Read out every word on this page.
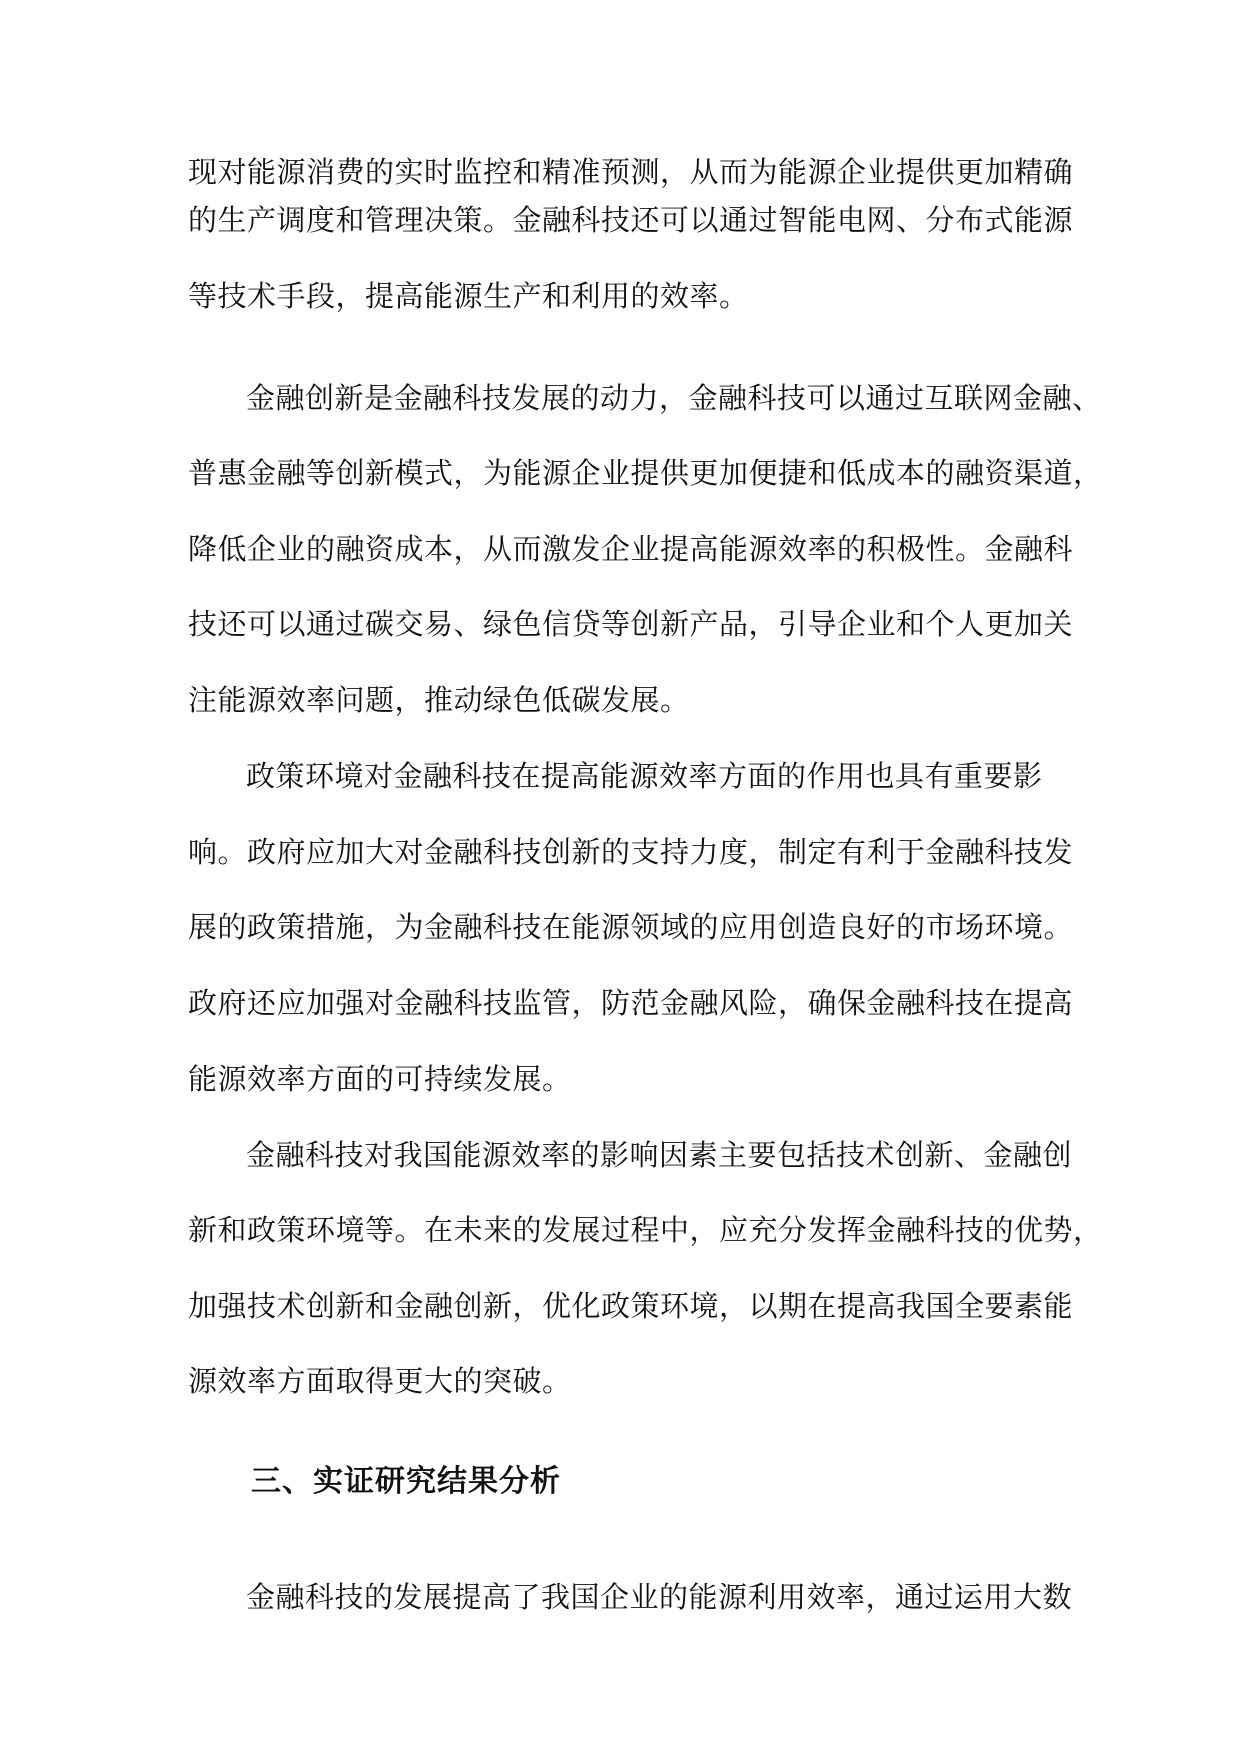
现对能源消费的实时监控和精准预测，从而为能源企业提供更加精确
的生产调度和管理决策。金融科技还可以通过智能电网、分布式能源
等技术手段，提高能源生产和利用的效率。
金融创新是金融科技发展的动力，金融科技可以通过互联网金融、
普惠金融等创新模式，为能源企业提供更加便捷和低成本的融资渠道，
降低企业的融资成本，从而激发企业提高能源效率的积极性。金融科
技还可以通过碳交易、绿色信贷等创新产品，引导企业和个人更加关
注能源效率问题，推动绿色低碳发展。
政策环境对金融科技在提高能源效率方面的作用也具有重要影
响。政府应加大对金融科技创新的支持力度，制定有利于金融科技发
展的政策措施，为金融科技在能源领域的应用创造良好的市场环境。
政府还应加强对金融科技监管，防范金融风险，确保金融科技在提高
能源效率方面的可持续发展。
金融科技对我国能源效率的影响因素主要包括技术创新、金融创
新和政策环境等。在未来的发展过程中，应充分发挥金融科技的优势，
加强技术创新和金融创新，优化政策环境，以期在提高我国全要素能
源效率方面取得更大的突破。
三、实证研究结果分析
金融科技的发展提高了我国企业的能源利用效率，通过运用大数
